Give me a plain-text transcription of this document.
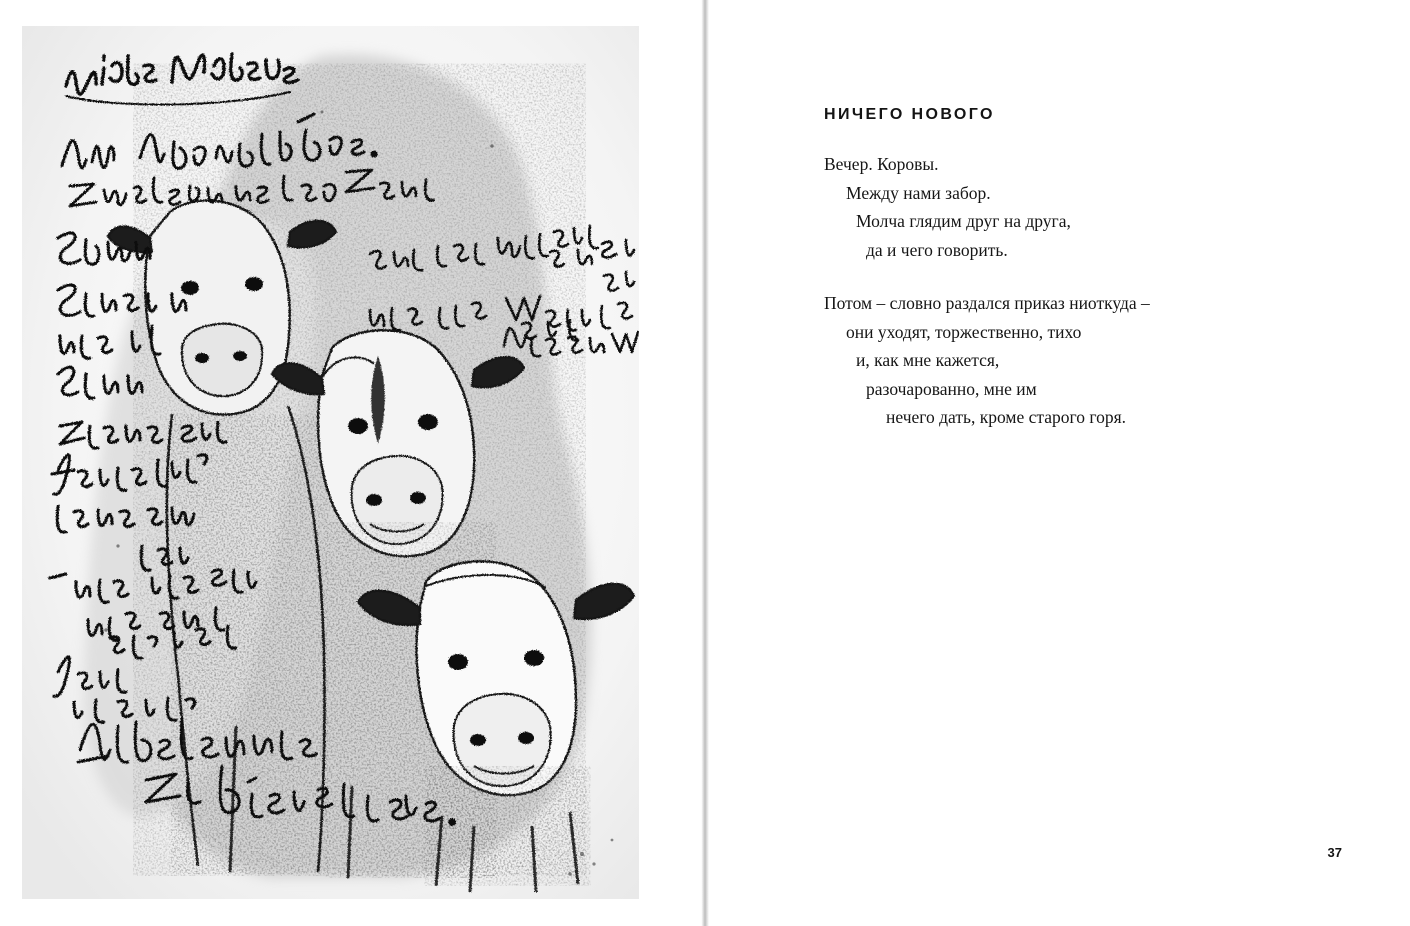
НИЧЕГО НОВОГО

Вечер. Коровы.
Между нами забор.
Молча глядим друг на друга,
да и чего говорить.

Потом – словно раздался приказ ниоткуда –
они уходят, торжественно, тихо
и, как мне кажется,
разочарованно, мне им
нечего дать, кроме старого горя.

37
